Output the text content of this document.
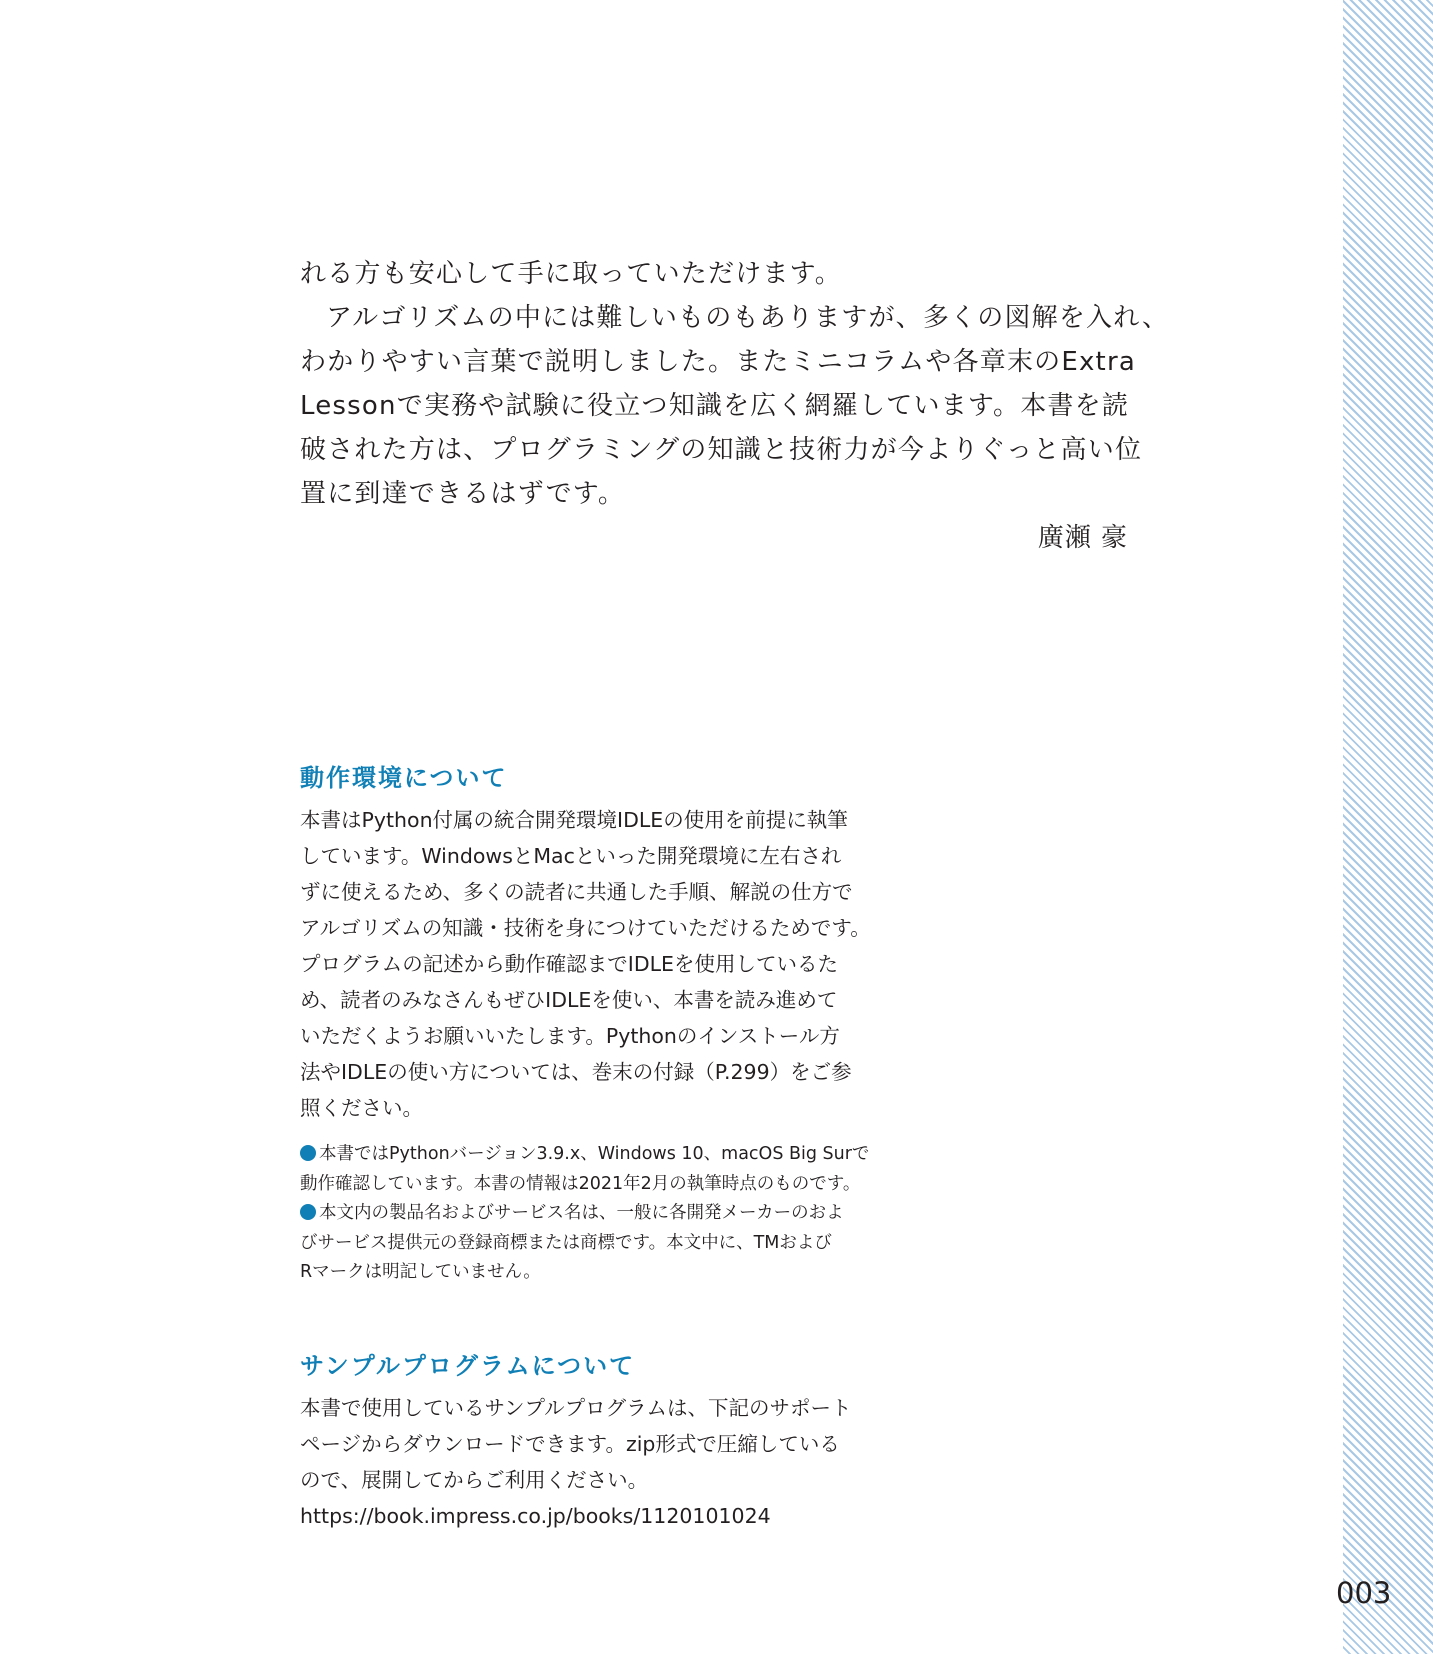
れる方も安心して手に取っていただけます。
アルゴリズムの中には難しいものもありますが、多くの図解を入れ、
わかりやすい言葉で説明しました。またミニコラムや各章末のExtra
Lessonで実務や試験に役立つ知識を広く網羅しています。本書を読
破された方は、プログラミングの知識と技術力が今よりぐっと高い位
置に到達できるはずです。
廣瀬 豪
動作環境について
本書はPython付属の統合開発環境IDLEの使用を前提に執筆
しています。WindowsとMacといった開発環境に左右され
ずに使えるため、多くの読者に共通した手順、解説の仕方で
アルゴリズムの知識・技術を身につけていただけるためです。
プログラムの記述から動作確認までIDLEを使用しているた
め、読者のみなさんもぜひIDLEを使い、本書を読み進めて
いただくようお願いいたします。Pythonのインストール方
法やIDLEの使い方については、巻末の付録（P.299）をご参
照ください。
本書ではPythonバージョン3.9.x、Windows 10、macOS Big Surで
動作確認しています。本書の情報は2021年2月の執筆時点のものです。
本文内の製品名およびサービス名は、一般に各開発メーカーのおよ
びサービス提供元の登録商標または商標です。本文中に、TMおよび
Rマークは明記していません。
サンプルプログラムについて
本書で使用しているサンプルプログラムは、下記のサポート
ページからダウンロードできます。zip形式で圧縮している
ので、展開してからご利用ください。
https://book.impress.co.jp/books/1120101024
003
